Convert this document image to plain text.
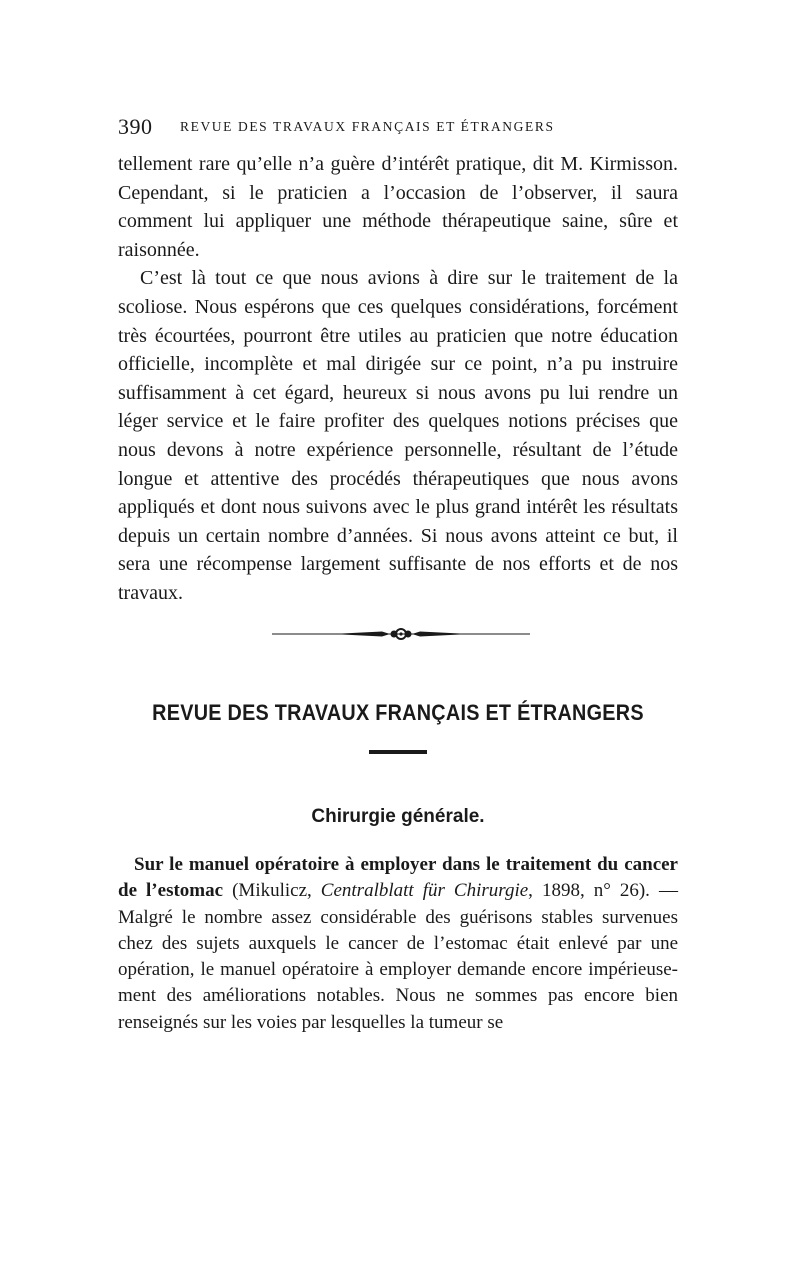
390 REVUE DES TRAVAUX FRANÇAIS ET ÉTRANGERS

tellement rare qu’elle n’a guère d’intérêt pratique, dit M. Kirmisson. Cependant, si le praticien a l’occasion de l’observer, il saura comment lui appliquer une méthode thérapeutique saine, sûre et raisonnée.

C’est là tout ce que nous avions à dire sur le traitement de la scoliose. Nous espérons que ces quelques considérations, forcément très écourtées, pourront être utiles au praticien que notre éducation officielle, incomplète et mal dirigée sur ce point, n’a pu instruire suffisamment à cet égard, heureux si nous avons pu lui rendre un léger service et le faire profiter des quelques notions précises que nous devons à notre expérience personnelle, résultant de l’étude longue et attentive des procédés thérapeutiques que nous avons appliqués et dont nous suivons avec le plus grand intérêt les résultats depuis un certain nombre d’années. Si nous avons atteint ce but, il sera une récompense largement suffisante de nos efforts et de nos travaux.

REVUE DES TRAVAUX FRANÇAIS ET ÉTRANGERS
Chirurgie générale.

Sur le manuel opératoire à employer dans le traitement du cancer de l’estomac (Mikulicz, Centralblatt für Chirurgie, 1898, n° 26). — Malgré le nombre assez considérable des guérisons stables survenues chez des sujets auxquels le cancer de l’estomac était enlevé par une opération, le manuel opératoire à employer demande encore impérieusement des améliorations notables. Nous ne sommes pas encore bien renseignés sur les voies par lesquelles la tumeur se
